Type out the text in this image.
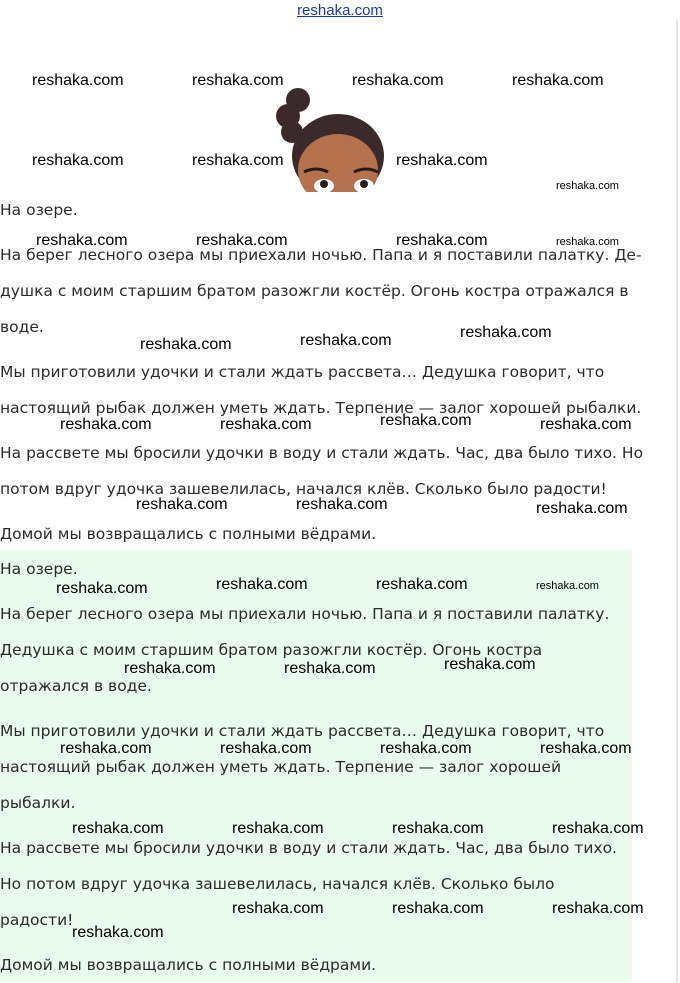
reshaka.com

На озере.

На берег лесного озера мы приехали ночью. Папа и я поставили палатку. Де-

душка с моим старшим братом разожгли костёр. Огонь костра отражался в

воде.

Мы приготовили удочки и стали ждать рассвета… Дедушка говорит, что

настоящий рыбак должен уметь ждать. Терпение — залог хорошей рыбалки.

На рассвете мы бросили удочки в воду и стали ждать. Час, два было тихо. Но

потом вдруг удочка зашевелилась, начался клёв. Сколько было радости!

Домой мы возвращались с полными вёдрами.

На озере.

На берег лесного озера мы приехали ночью. Папа и я поставили палатку.

Дедушка с моим старшим братом разожгли костёр. Огонь костра

отражался в воде.

Мы приготовили удочки и стали ждать рассвета… Дедушка говорит, что

настоящий рыбак должен уметь ждать. Терпение — залог хорошей

рыбалки.

На рассвете мы бросили удочки в воду и стали ждать. Час, два было тихо.

Но потом вдруг удочка зашевелилась, начался клёв. Сколько было

радости!

Домой мы возвращались с полными вёдрами.

reshaka.com	reshaka.com	reshaka.com	reshaka.com
reshaka.com	reshaka.com	reshaka.com
reshaka.com
reshaka.com	reshaka.com	reshaka.com	reshaka.com
reshaka.com
reshaka.com
reshaka.com
reshaka.com
reshaka.com	reshaka.com	reshaka.com
reshaka.com	reshaka.com	reshaka.com
reshaka.com	reshaka.com	reshaka.com
reshaka.com
reshaka.com
reshaka.com	reshaka.com
reshaka.com	reshaka.com	reshaka.com	reshaka.com
reshaka.com	reshaka.com	reshaka.com	reshaka.com
reshaka.com	reshaka.com	reshaka.com
reshaka.com
